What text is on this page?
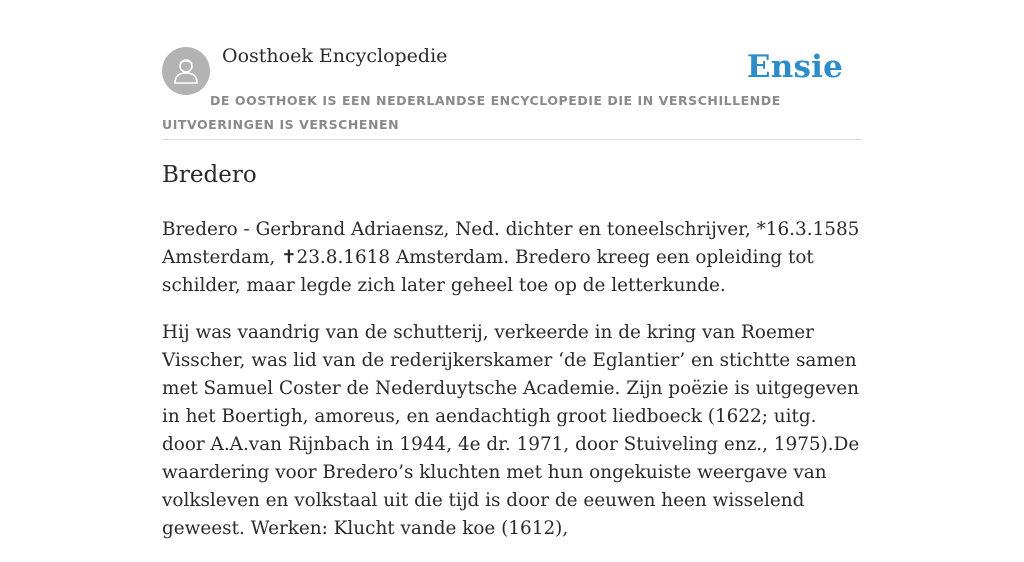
Oosthoek Encyclopedie	Ensie
DE OOSTHOEK IS EEN NEDERLANDSE ENCYCLOPEDIE DIE IN VERSCHILLENDE UITVOERINGEN IS VERSCHENEN
Bredero

Bredero - Gerbrand Adriaensz, Ned. dichter en toneelschrijver, *16.3.1585 Amsterdam, ✝23.8.1618 Amsterdam. Bredero kreeg een opleiding tot schilder, maar legde zich later geheel toe op de letterkunde.

Hij was vaandrig van de schutterij, verkeerde in de kring van Roemer Visscher, was lid van de rederijkerskamer ‘de Eglantier’ en stichtte samen met Samuel Coster de Nederduytsche Academie. Zijn poëzie is uitgegeven in het Boertigh, amoreus, en aendachtigh groot liedboeck (1622; uitg. door A.A.van Rijnbach in 1944, 4e dr. 1971, door Stuiveling enz., 1975).De waardering voor Bredero’s kluchten met hun ongekuiste weergave van volksleven en volkstaal uit die tijd is door de eeuwen heen wisselend geweest. Werken: Klucht vande koe (1612),
